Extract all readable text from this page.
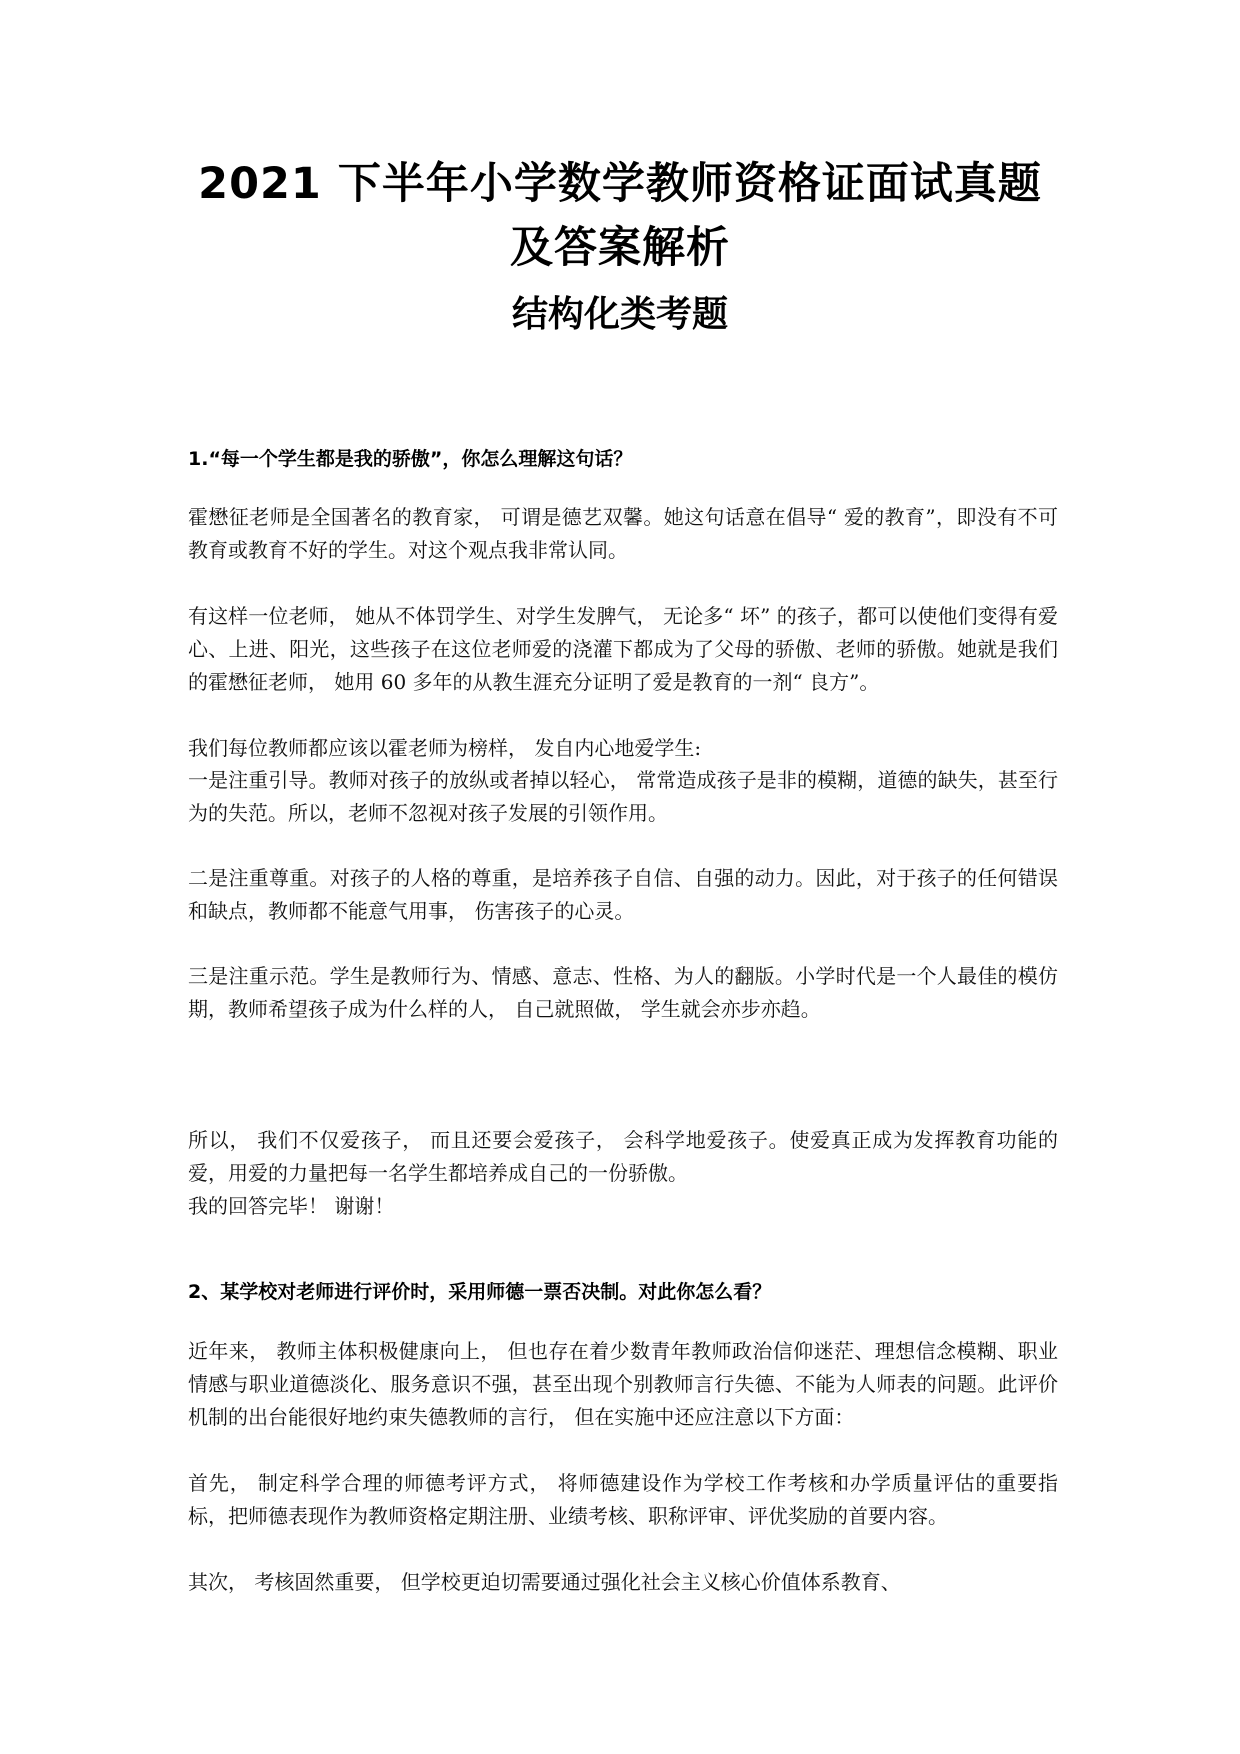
2021 下半年小学数学教师资格证面试真题
及答案解析
结构化类考题
1.“每一个学生都是我的骄傲”，你怎么理解这句话？
霍懋征老师是全国著名的教育家， 可谓是德艺双馨。她这句话意在倡导“ 爱的教育”，即没有不可教育或教育不好的学生。对这个观点我非常认同。
有这样一位老师， 她从不体罚学生、对学生发脾气， 无论多“ 坏” 的孩子，都可以使他们变得有爱心、上进、阳光，这些孩子在这位老师爱的浇灌下都成为了父母的骄傲、老师的骄傲。她就是我们的霍懋征老师， 她用 60 多年的从教生涯充分证明了爱是教育的一剂“ 良方”。
我们每位教师都应该以霍老师为榜样， 发自内心地爱学生:
一是注重引导。教师对孩子的放纵或者掉以轻心， 常常造成孩子是非的模糊，道德的缺失，甚至行为的失范。所以，老师不忽视对孩子发展的引领作用。
二是注重尊重。对孩子的人格的尊重，是培养孩子自信、自强的动力。因此，对于孩子的任何错误和缺点，教师都不能意气用事， 伤害孩子的心灵。
三是注重示范。学生是教师行为、情感、意志、性格、为人的翻版。小学时代是一个人最佳的模仿期，教师希望孩子成为什么样的人， 自己就照做， 学生就会亦步亦趋。
所以， 我们不仅爱孩子， 而且还要会爱孩子， 会科学地爱孩子。使爱真正成为发挥教育功能的爱，用爱的力量把每一名学生都培养成自己的一份骄傲。
我的回答完毕！ 谢谢！
2、某学校对老师进行评价时，采用师德一票否决制。对此你怎么看？
近年来， 教师主体积极健康向上， 但也存在着少数青年教师政治信仰迷茫、理想信念模糊、职业情感与职业道德淡化、服务意识不强，甚至出现个别教师言行失德、不能为人师表的问题。此评价机制的出台能很好地约束失德教师的言行， 但在实施中还应注意以下方面：
首先， 制定科学合理的师德考评方式， 将师德建设作为学校工作考核和办学质量评估的重要指标，把师德表现作为教师资格定期注册、业绩考核、职称评审、评优奖励的首要内容。
其次， 考核固然重要， 但学校更迫切需要通过强化社会主义核心价值体系教育、
